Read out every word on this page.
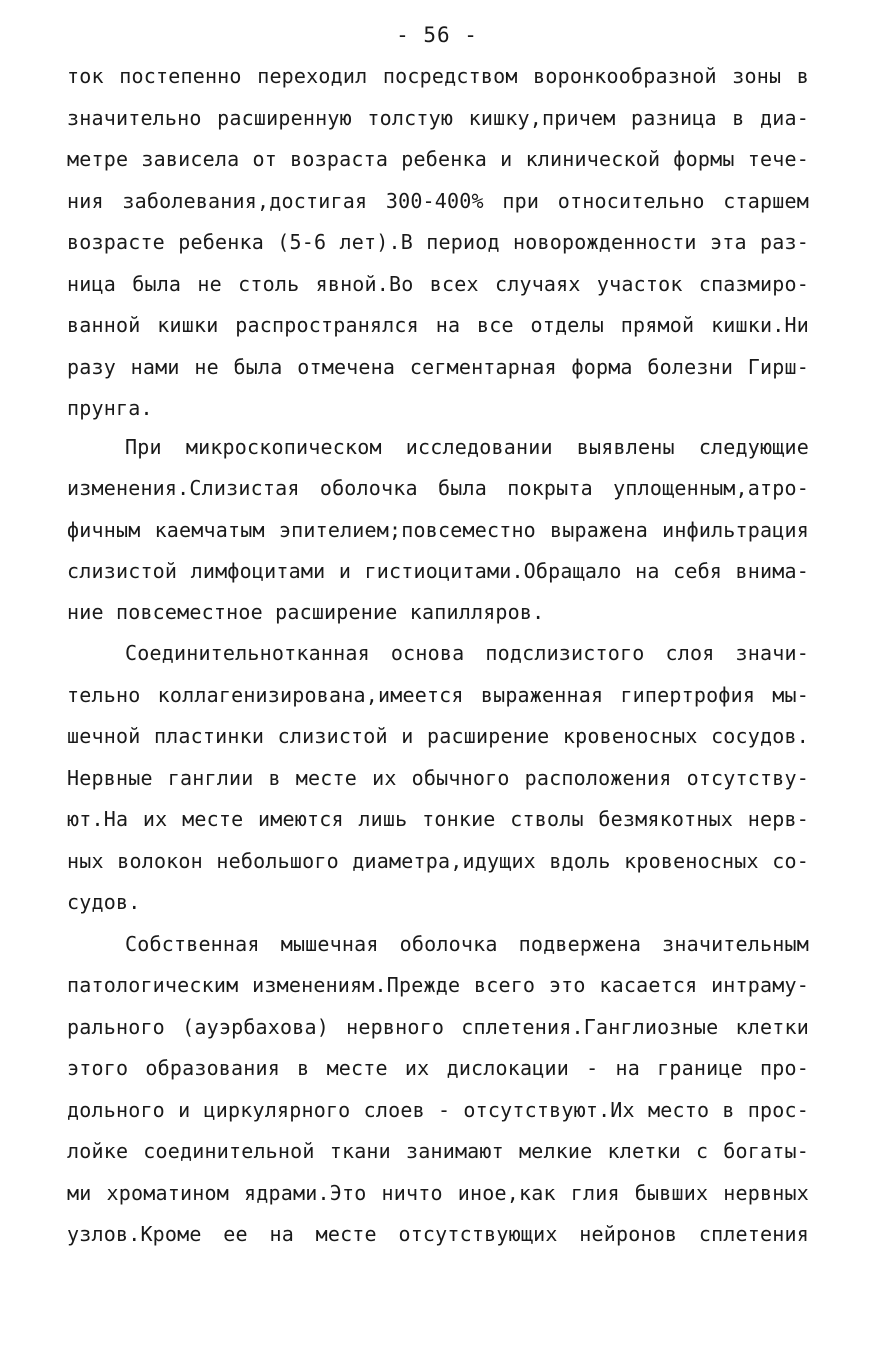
- 56 -
ток постепенно переходил посредством воронкообразной зоны в
значительно расширенную толстую кишку,причем разница в диа-
метре зависела от возраста ребенка и клинической формы тече-
ния заболевания,достигая 300-400% при относительно старшем
возрасте ребенка (5-6 лет).В период новорожденности эта раз-
ница была не столь явной.Во всех случаях участок спазмиро-
ванной кишки распространялся на все отделы прямой кишки.Ни
разу нами не была отмечена сегментарная форма болезни Гирш-
прунга.
При микроскопическом исследовании выявлены следующие
изменения.Слизистая оболочка была покрыта уплощенным,атро-
фичным каемчатым эпителием;повсеместно выражена инфильтрация
слизистой лимфоцитами и гистиоцитами.Обращало на себя внима-
ние повсеместное расширение капилляров.
Соединительнотканная основа подслизистого слоя значи-
тельно коллагенизирована,имеется выраженная гипертрофия мы-
шечной пластинки слизистой и расширение кровеносных сосудов.
Нервные ганглии в месте их обычного расположения отсутству-
ют.На их месте имеются лишь тонкие стволы безмякотных нерв-
ных волокон небольшого диаметра,идущих вдоль кровеносных со-
судов.
Собственная мышечная оболочка подвержена значительным
патологическим изменениям.Прежде всего это касается интраму-
рального (ауэрбахова) нервного сплетения.Ганглиозные клетки
этого образования в месте их дислокации - на границе про-
дольного и циркулярного слоев - отсутствуют.Их место в прос-
лойке соединительной ткани занимают мелкие клетки с богаты-
ми хроматином ядрами.Это ничто иное,как глия бывших нервных
узлов.Кроме ее на месте отсутствующих нейронов сплетения
